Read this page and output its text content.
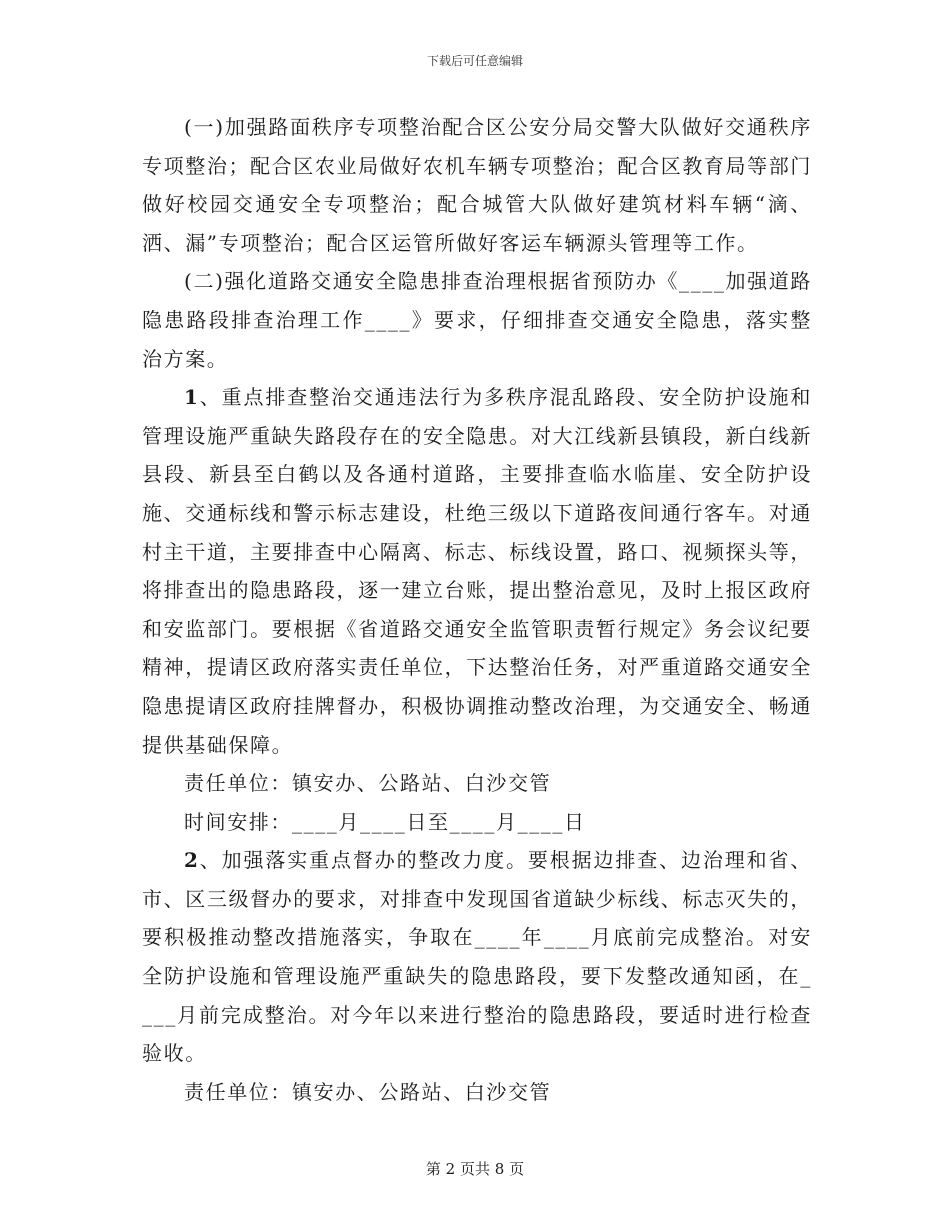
下载后可任意编辑

(一)加强路面秩序专项整治配合区公安分局交警大队做好交通秩序专项整治；配合区农业局做好农机车辆专项整治；配合区教育局等部门做好校园交通安全专项整治；配合城管大队做好建筑材料车辆“滴、洒、漏”专项整治；配合区运管所做好客运车辆源头管理等工作。

(二)强化道路交通安全隐患排查治理根据省预防办《____加强道路隐患路段排查治理工作____》要求，仔细排查交通安全隐患，落实整治方案。

1、重点排查整治交通违法行为多秩序混乱路段、安全防护设施和管理设施严重缺失路段存在的安全隐患。对大江线新县镇段，新白线新县段、新县至白鹤以及各通村道路，主要排查临水临崖、安全防护设施、交通标线和警示标志建设，杜绝三级以下道路夜间通行客车。对通村主干道，主要排查中心隔离、标志、标线设置，路口、视频探头等，将排查出的隐患路段，逐一建立台账，提出整治意见，及时上报区政府和安监部门。要根据《省道路交通安全监管职责暂行规定》务会议纪要精神，提请区政府落实责任单位，下达整治任务，对严重道路交通安全隐患提请区政府挂牌督办，积极协调推动整改治理，为交通安全、畅通提供基础保障。

责任单位：镇安办、公路站、白沙交管

时间安排：____月____日至____月____日

2、加强落实重点督办的整改力度。要根据边排查、边治理和省、市、区三级督办的要求，对排查中发现国省道缺少标线、标志灭失的，要积极推动整改措施落实，争取在____年____月底前完成整治。对安全防护设施和管理设施严重缺失的隐患路段，要下发整改通知函，在____月前完成整治。对今年以来进行整治的隐患路段，要适时进行检查验收。

责任单位：镇安办、公路站、白沙交管

第 2 页共 8 页
